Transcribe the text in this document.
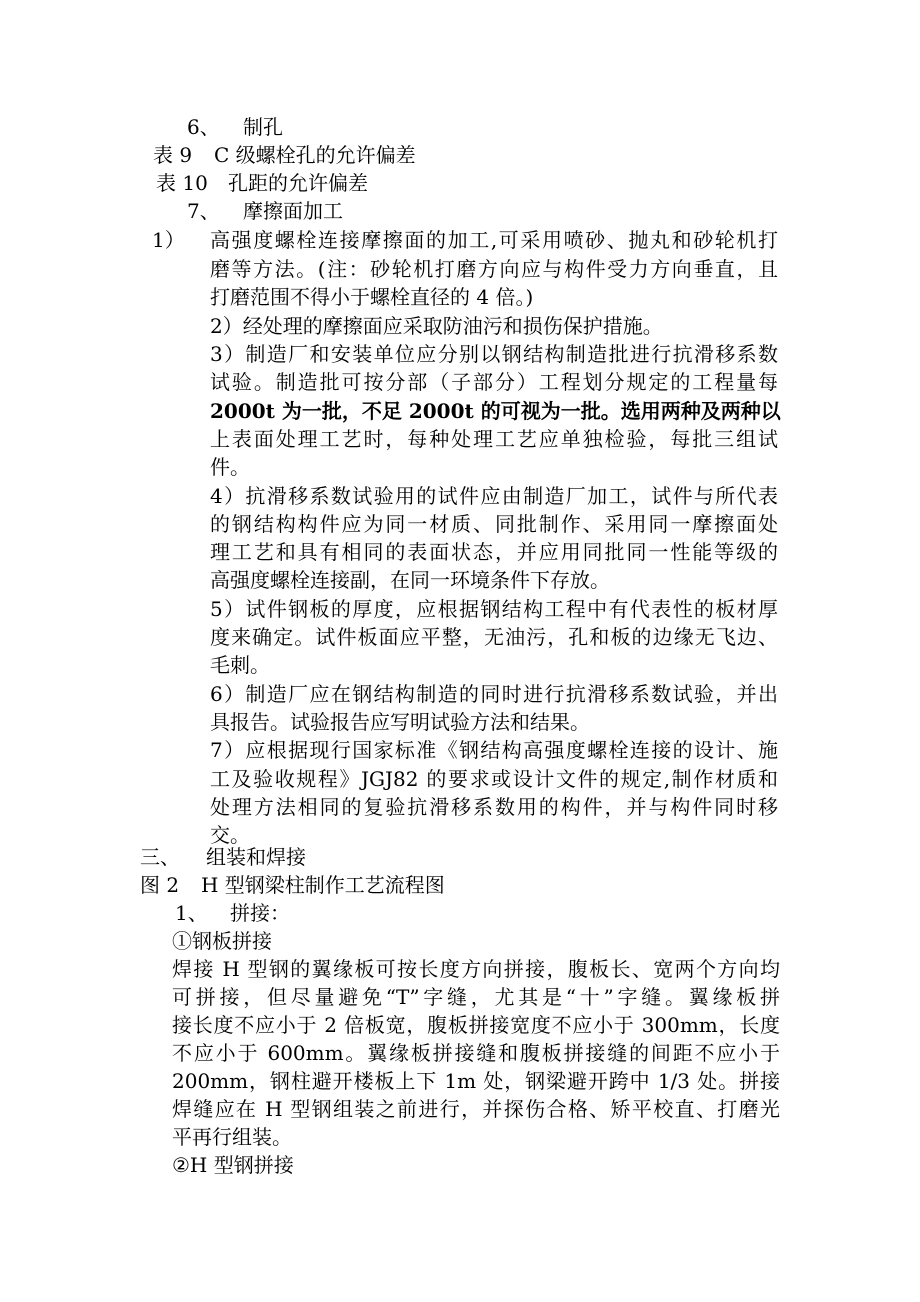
6、 制孔
表 9 C 级螺栓孔的允许偏差
表 10 孔距的允许偏差
7、 摩擦面加工
1） 高强度螺栓连接摩擦面的加工,可采用喷砂、抛丸和砂轮机打
磨等方法。(注：砂轮机打磨方向应与构件受力方向垂直，且
打磨范围不得小于螺栓直径的 4 倍。)
2）经处理的摩擦面应采取防油污和损伤保护措施。
3）制造厂和安装单位应分别以钢结构制造批进行抗滑移系数
试验。制造批可按分部（子部分）工程划分规定的工程量每
2000t 为一批，不足 2000t 的可视为一批。选用两种及两种以
上表面处理工艺时，每种处理工艺应单独检验，每批三组试
件。
4）抗滑移系数试验用的试件应由制造厂加工，试件与所代表
的钢结构构件应为同一材质、同批制作、采用同一摩擦面处
理工艺和具有相同的表面状态，并应用同批同一性能等级的
高强度螺栓连接副，在同一环境条件下存放。
5）试件钢板的厚度，应根据钢结构工程中有代表性的板材厚
度来确定。试件板面应平整，无油污，孔和板的边缘无飞边、
毛刺。
6）制造厂应在钢结构制造的同时进行抗滑移系数试验，并出
具报告。试验报告应写明试验方法和结果。
7）应根据现行国家标准《钢结构高强度螺栓连接的设计、施
工及验收规程》JGJ82 的要求或设计文件的规定,制作材质和
处理方法相同的复验抗滑移系数用的构件，并与构件同时移
交。
三、 组装和焊接
图 2 H 型钢梁柱制作工艺流程图
1、 拼接：
①钢板拼接
焊接 H 型钢的翼缘板可按长度方向拼接，腹板长、宽两个方向均
可拼接，但尽量避免“T”字缝，尤其是“十”字缝。翼缘板拼
接长度不应小于 2 倍板宽，腹板拼接宽度不应小于 300mm，长度
不应小于 600mm。翼缘板拼接缝和腹板拼接缝的间距不应小于
200mm，钢柱避开楼板上下 1m 处，钢梁避开跨中 1/3 处。拼接
焊缝应在 H 型钢组装之前进行，并探伤合格、矫平校直、打磨光
平再行组装。
②H 型钢拼接
